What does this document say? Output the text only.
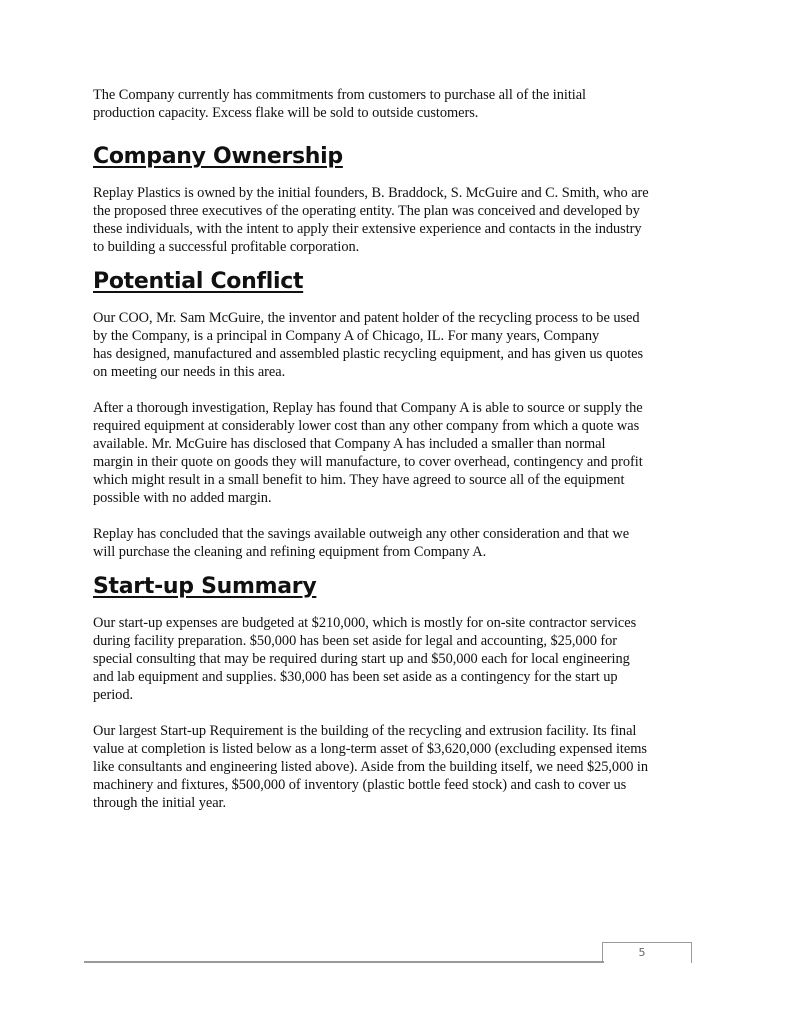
The Company currently has commitments from customers to purchase all of the initial
production capacity. Excess flake will be sold to outside customers.

Company Ownership

Replay Plastics is owned by the initial founders, B. Braddock, S. McGuire and C. Smith, who are
the proposed three executives of the operating entity. The plan was conceived and developed by
these individuals, with the intent to apply their extensive experience and contacts in the industry
to building a successful profitable corporation.

Potential Conflict

Our COO, Mr. Sam McGuire, the inventor and patent holder of the recycling process to be used
by the Company, is a principal in Company A of Chicago, IL. For many years, Company
has designed, manufactured and assembled plastic recycling equipment, and has given us quotes
on meeting our needs in this area.

After a thorough investigation, Replay has found that Company A is able to source or supply the
required equipment at considerably lower cost than any other company from which a quote was
available. Mr. McGuire has disclosed that Company A has included a smaller than normal
margin in their quote on goods they will manufacture, to cover overhead, contingency and profit
which might result in a small benefit to him. They have agreed to source all of the equipment
possible with no added margin.

Replay has concluded that the savings available outweigh any other consideration and that we
will purchase the cleaning and refining equipment from Company A.

Start-up Summary

Our start-up expenses are budgeted at $210,000, which is mostly for on-site contractor services
during facility preparation. $50,000 has been set aside for legal and accounting, $25,000 for
special consulting that may be required during start up and $50,000 each for local engineering
and lab equipment and supplies. $30,000 has been set aside as a contingency for the start up
period.

Our largest Start-up Requirement is the building of the recycling and extrusion facility. Its final
value at completion is listed below as a long-term asset of $3,620,000 (excluding expensed items
like consultants and engineering listed above). Aside from the building itself, we need $25,000 in
machinery and fixtures, $500,000 of inventory (plastic bottle feed stock) and cash to cover us
through the initial year.

5
